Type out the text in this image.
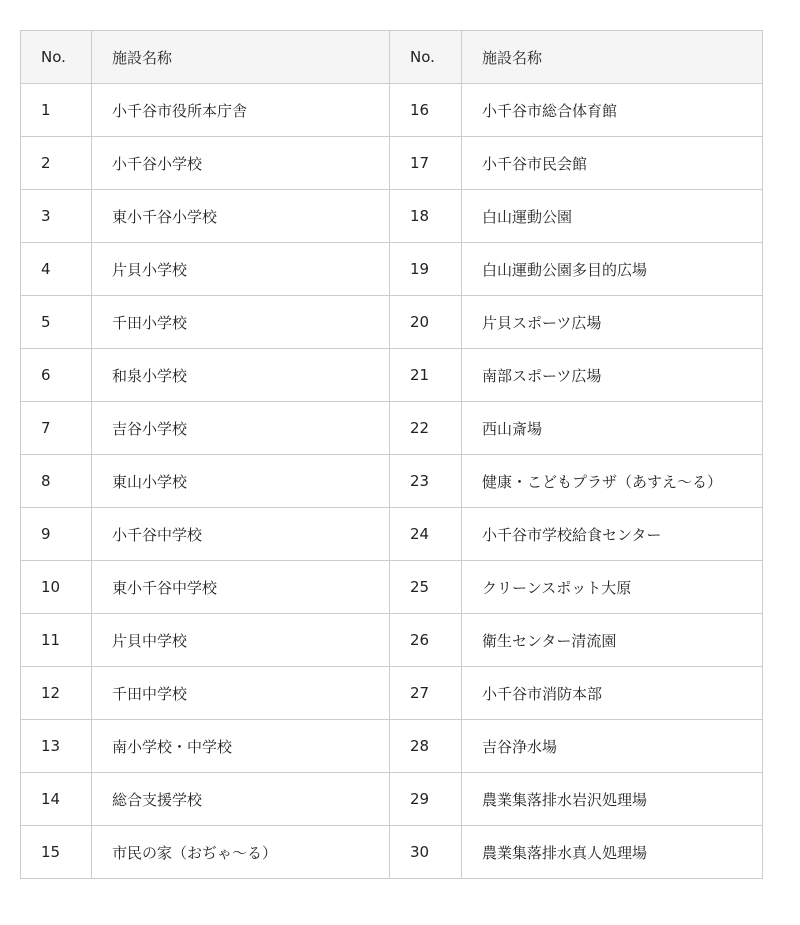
No.	施設名称	No.	施設名称
1	小千谷市役所本庁舎	16	小千谷市総合体育館
2	小千谷小学校	17	小千谷市民会館
3	東小千谷小学校	18	白山運動公園
4	片貝小学校	19	白山運動公園多目的広場
5	千田小学校	20	片貝スポーツ広場
6	和泉小学校	21	南部スポーツ広場
7	吉谷小学校	22	西山斎場
8	東山小学校	23	健康・こどもプラザ（あすえ～る）
9	小千谷中学校	24	小千谷市学校給食センター
10	東小千谷中学校	25	クリーンスポット大原
11	片貝中学校	26	衛生センター清流園
12	千田中学校	27	小千谷市消防本部
13	南小学校・中学校	28	吉谷浄水場
14	総合支援学校	29	農業集落排水岩沢処理場
15	市民の家（おぢゃ～る）	30	農業集落排水真人処理場
